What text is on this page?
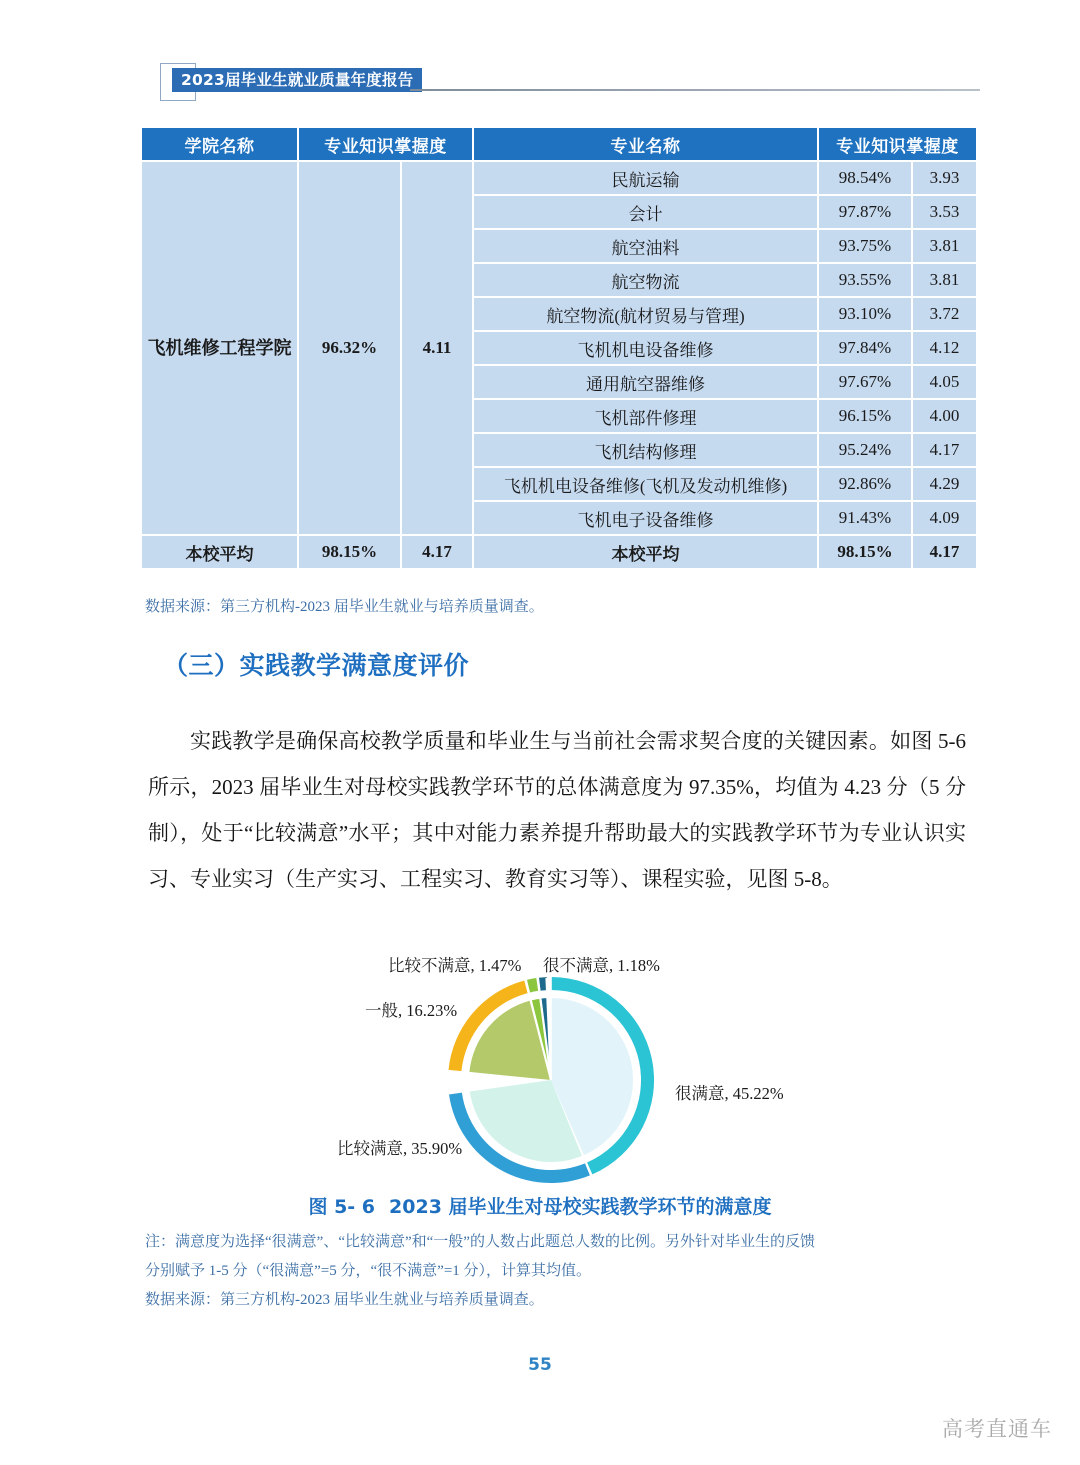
2023届毕业生就业质量年度报告
学院名称	专业知识掌握度		专业名称	专业知识掌握度	
飞机维修工程学院	96.32%	4.11	民航运输	98.54%	3.93
			会计	97.87%	3.53
			航空油料	93.75%	3.81
			航空物流	93.55%	3.81
			航空物流(航材贸易与管理)	93.10%	3.72
			飞机机电设备维修	97.84%	4.12
			通用航空器维修	97.67%	4.05
			飞机部件修理	96.15%	4.00
			飞机结构修理	95.24%	4.17
			飞机机电设备维修(飞机及发动机维修)	92.86%	4.29
			飞机电子设备维修	91.43%	4.09
本校平均	98.15%	4.17	本校平均	98.15%	4.17
数据来源：第三方机构-2023 届毕业生就业与培养质量调查。
（三）实践教学满意度评价
实践教学是确保高校教学质量和毕业生与当前社会需求契合度的关键因素。如图 5-6 所示，2023 届毕业生对母校实践教学环节的总体满意度为 97.35%，均值为 4.23 分（5 分制），处于“比较满意”水平；其中对能力素养提升帮助最大的实践教学环节为专业认识实习、专业实习（生产实习、工程实习、教育实习等）、课程实验，见图 5-8。
比较不满意, 1.47% 很不满意, 1.18%
一般, 16.23%
很满意, 45.22%
比较满意, 35.90%
图 5- 6 2023 届毕业生对母校实践教学环节的满意度
注：满意度为选择“很满意”、“比较满意”和“一般”的人数占此题总人数的比例。另外针对毕业生的反馈
分别赋予 1-5 分（“很满意”=5 分，“很不满意”=1 分），计算其均值。
数据来源：第三方机构-2023 届毕业生就业与培养质量调查。
55
高考直通车
